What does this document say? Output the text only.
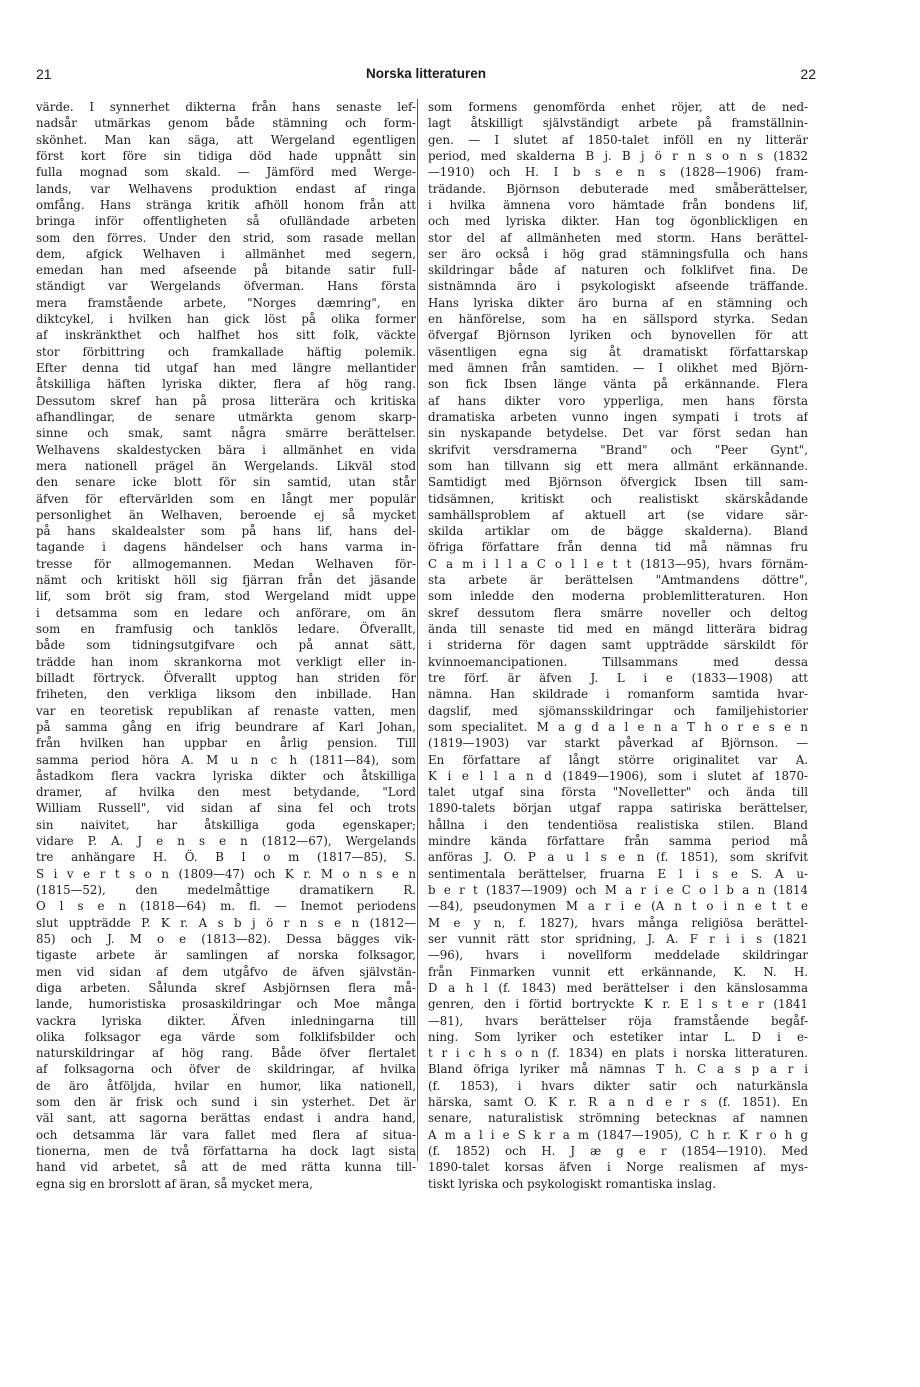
21	Norska litteraturen	22
värde. I synnerhet dikterna från hans senaste lef-
nadsår utmärkas genom både stämning och form-
skönhet. Man kan säga, att Wergeland egentligen
först kort före sin tidiga död hade uppnått sin
fulla mognad som skald. — Jämförd med Werge-
lands, var Welhavens produktion endast af ringa
omfång. Hans stränga kritik afhöll honom från att
bringa inför offentligheten så ofulländade arbeten
som den förres. Under den strid, som rasade mellan
dem, afgick Welhaven i allmänhet med segern,
emedan han med afseende på bitande satir full-
ständigt var Wergelands öfverman. Hans första
mera framstående arbete, "Norges dæmring", en
diktcykel, i hvilken han gick löst på olika former
af inskränkthet och halfhet hos sitt folk, väckte
stor förbittring och framkallade häftig polemik.
Efter denna tid utgaf han med längre mellantider
åtskilliga häften lyriska dikter, flera af hög rang.
Dessutom skref han på prosa litterära och kritiska
afhandlingar, de senare utmärkta genom skarp-
sinne och smak, samt några smärre berättelser.
Welhavens skaldestycken bära i allmänhet en vida
mera nationell prägel än Wergelands. Likväl stod
den senare icke blott för sin samtid, utan står
äfven för eftervärlden som en långt mer populär
personlighet än Welhaven, beroende ej så mycket
på hans skaldealster som på hans lif, hans del-
tagande i dagens händelser och hans varma in-
tresse för allmogemannen. Medan Welhaven för-
nämt och kritiskt höll sig fjärran från det jäsande
lif, som bröt sig fram, stod Wergeland midt uppe
i detsamma som en ledare och anförare, om än
som en framfusig och tanklös ledare. Öfverallt,
både som tidningsutgifvare och på annat sätt,
trädde han inom skrankorna mot verkligt eller in-
billadt förtryck. Öfverallt upptog han striden för
friheten, den verkliga liksom den inbillade. Han
var en teoretisk republikan af renaste vatten, men
på samma gång en ifrig beundrare af Karl Johan,
från hvilken han uppbar en årlig pension. Till
samma period höra A. M u n c h (1811—84), som
åstadkom flera vackra lyriska dikter och åtskilliga
dramer, af hvilka den mest betydande, "Lord
William Russell", vid sidan af sina fel och trots
sin naivitet, har åtskilliga goda egenskaper;
vidare P. A. J e n s e n (1812—67), Wergelands
tre anhängare H. Ö. B l o m (1817—85), S.
S i v e r t s o n (1809—47) och K r. M o n s e n
(1815—52), den medelmåttige dramatikern R.
O l s e n (1818—64) m. fl. — Inemot periodens
slut uppträdde P. K r. A s b j ö r n s e n (1812—
85) och J. M o e (1813—82). Dessa bägges vik-
tigaste arbete är samlingen af norska folksagor,
men vid sidan af dem utgåfvo de äfven självstän-
diga arbeten. Sålunda skref Asbjörnsen flera må-
lande, humoristiska prosaskildringar och Moe många
vackra lyriska dikter. Äfven inledningarna till
olika folksagor ega värde som folklifsbilder och
naturskildringar af hög rang. Både öfver flertalet
af folksagorna och öfver de skildringar, af hvilka
de äro åtföljda, hvilar en humor, lika nationell,
som den är frisk och sund i sin ysterhet. Det är
väl sant, att sagorna berättas endast i andra hand,
och detsamma lär vara fallet med flera af situa-
tionerna, men de två författarna ha dock lagt sista
hand vid arbetet, så att de med rätta kunna till-
egna sig en brorslott af äran, så mycket mera,
som formens genomförda enhet röjer, att de ned-
lagt åtskilligt självständigt arbete på framställnin-
gen. — I slutet af 1850-talet inföll en ny litterär
period, med skalderna B j. B j ö r n s o n s (1832
—1910) och H. I b s e n s (1828—1906) fram-
trädande. Björnson debuterade med småberättelser,
i hvilka ämnena voro hämtade från bondens lif,
och med lyriska dikter. Han tog ögonblickligen en
stor del af allmänheten med storm. Hans berättel-
ser äro också i hög grad stämningsfulla och hans
skildringar både af naturen och folklifvet fina. De
sistnämnda äro i psykologiskt afseende träffande.
Hans lyriska dikter äro burna af en stämning och
en hänförelse, som ha en sällspord styrka. Sedan
öfvergaf Björnson lyriken och bynovellen för att
väsentligen egna sig åt dramatiskt författarskap
med ämnen från samtiden. — I olikhet med Björn-
son fick Ibsen länge vänta på erkännande. Flera
af hans dikter voro ypperliga, men hans första
dramatiska arbeten vunno ingen sympati i trots af
sin nyskapande betydelse. Det var först sedan han
skrifvit versdramerna "Brand" och "Peer Gynt",
som han tillvann sig ett mera allmänt erkännande.
Samtidigt med Björnson öfvergick Ibsen till sam-
tidsämnen, kritiskt och realistiskt skärskådande
samhällsproblem af aktuell art (se vidare sär-
skilda artiklar om de bägge skalderna). Bland
öfriga författare från denna tid må nämnas fru
C a m i l l a C o l l e t t (1813—95), hvars förnäm-
sta arbete är berättelsen "Amtmandens döttre",
som inledde den moderna problemlitteraturen. Hon
skref dessutom flera smärre noveller och deltog
ända till senaste tid med en mängd litterära bidrag
i striderna för dagen samt uppträdde särskildt för
kvinnoemancipationen. Tillsammans med dessa
tre förf. är äfven J. L i e (1833—1908) att
nämna. Han skildrade i romanform samtida hvar-
dagslif, med sjömansskildringar och familjehistorier
som specialitet. M a g d a l e n a T h o r e s e n
(1819—1903) var starkt påverkad af Björnson. —
En författare af långt större originalitet var A.
K i e l l a n d (1849—1906), som i slutet af 1870-
talet utgaf sina första "Novelletter" och ända till
1890-talets början utgaf rappa satiriska berättelser,
hållna i den tendentiösa realistiska stilen. Bland
mindre kända författare från samma period må
anföras J. O. P a u l s e n (f. 1851), som skrifvit
sentimentala berättelser, fruarna E l i s e S. A u-
b e r t (1837—1909) och M a r i e C o l b a n (1814
—84), pseudonymen M a r i e (A n t o i n e t t e
M e y n, f. 1827), hvars många religiösa berättel-
ser vunnit rätt stor spridning, J. A. F r i i s (1821
—96), hvars i novellform meddelade skildringar
från Finmarken vunnit ett erkännande, K. N. H.
D a h l (f. 1843) med berättelser i den känslosamma
genren, den i förtid bortryckte K r. E l s t e r (1841
—81), hvars berättelser röja framstående begåf-
ning. Som lyriker och estetiker intar L. D i e-
t r i c h s o n (f. 1834) en plats i norska litteraturen.
Bland öfriga lyriker må nämnas T h. C a s p a r i
(f. 1853), i hvars dikter satir och naturkänsla
härska, samt O. K r. R a n d e r s (f. 1851). En
senare, naturalistisk strömning betecknas af namnen
A m a l i e S k r a m (1847—1905), C h r. K r o h g
(f. 1852) och H. J æ g e r (1854—1910). Med
1890-talet korsas äfven i Norge realismen af mys-
tiskt lyriska och psykologiskt romantiska inslag.
